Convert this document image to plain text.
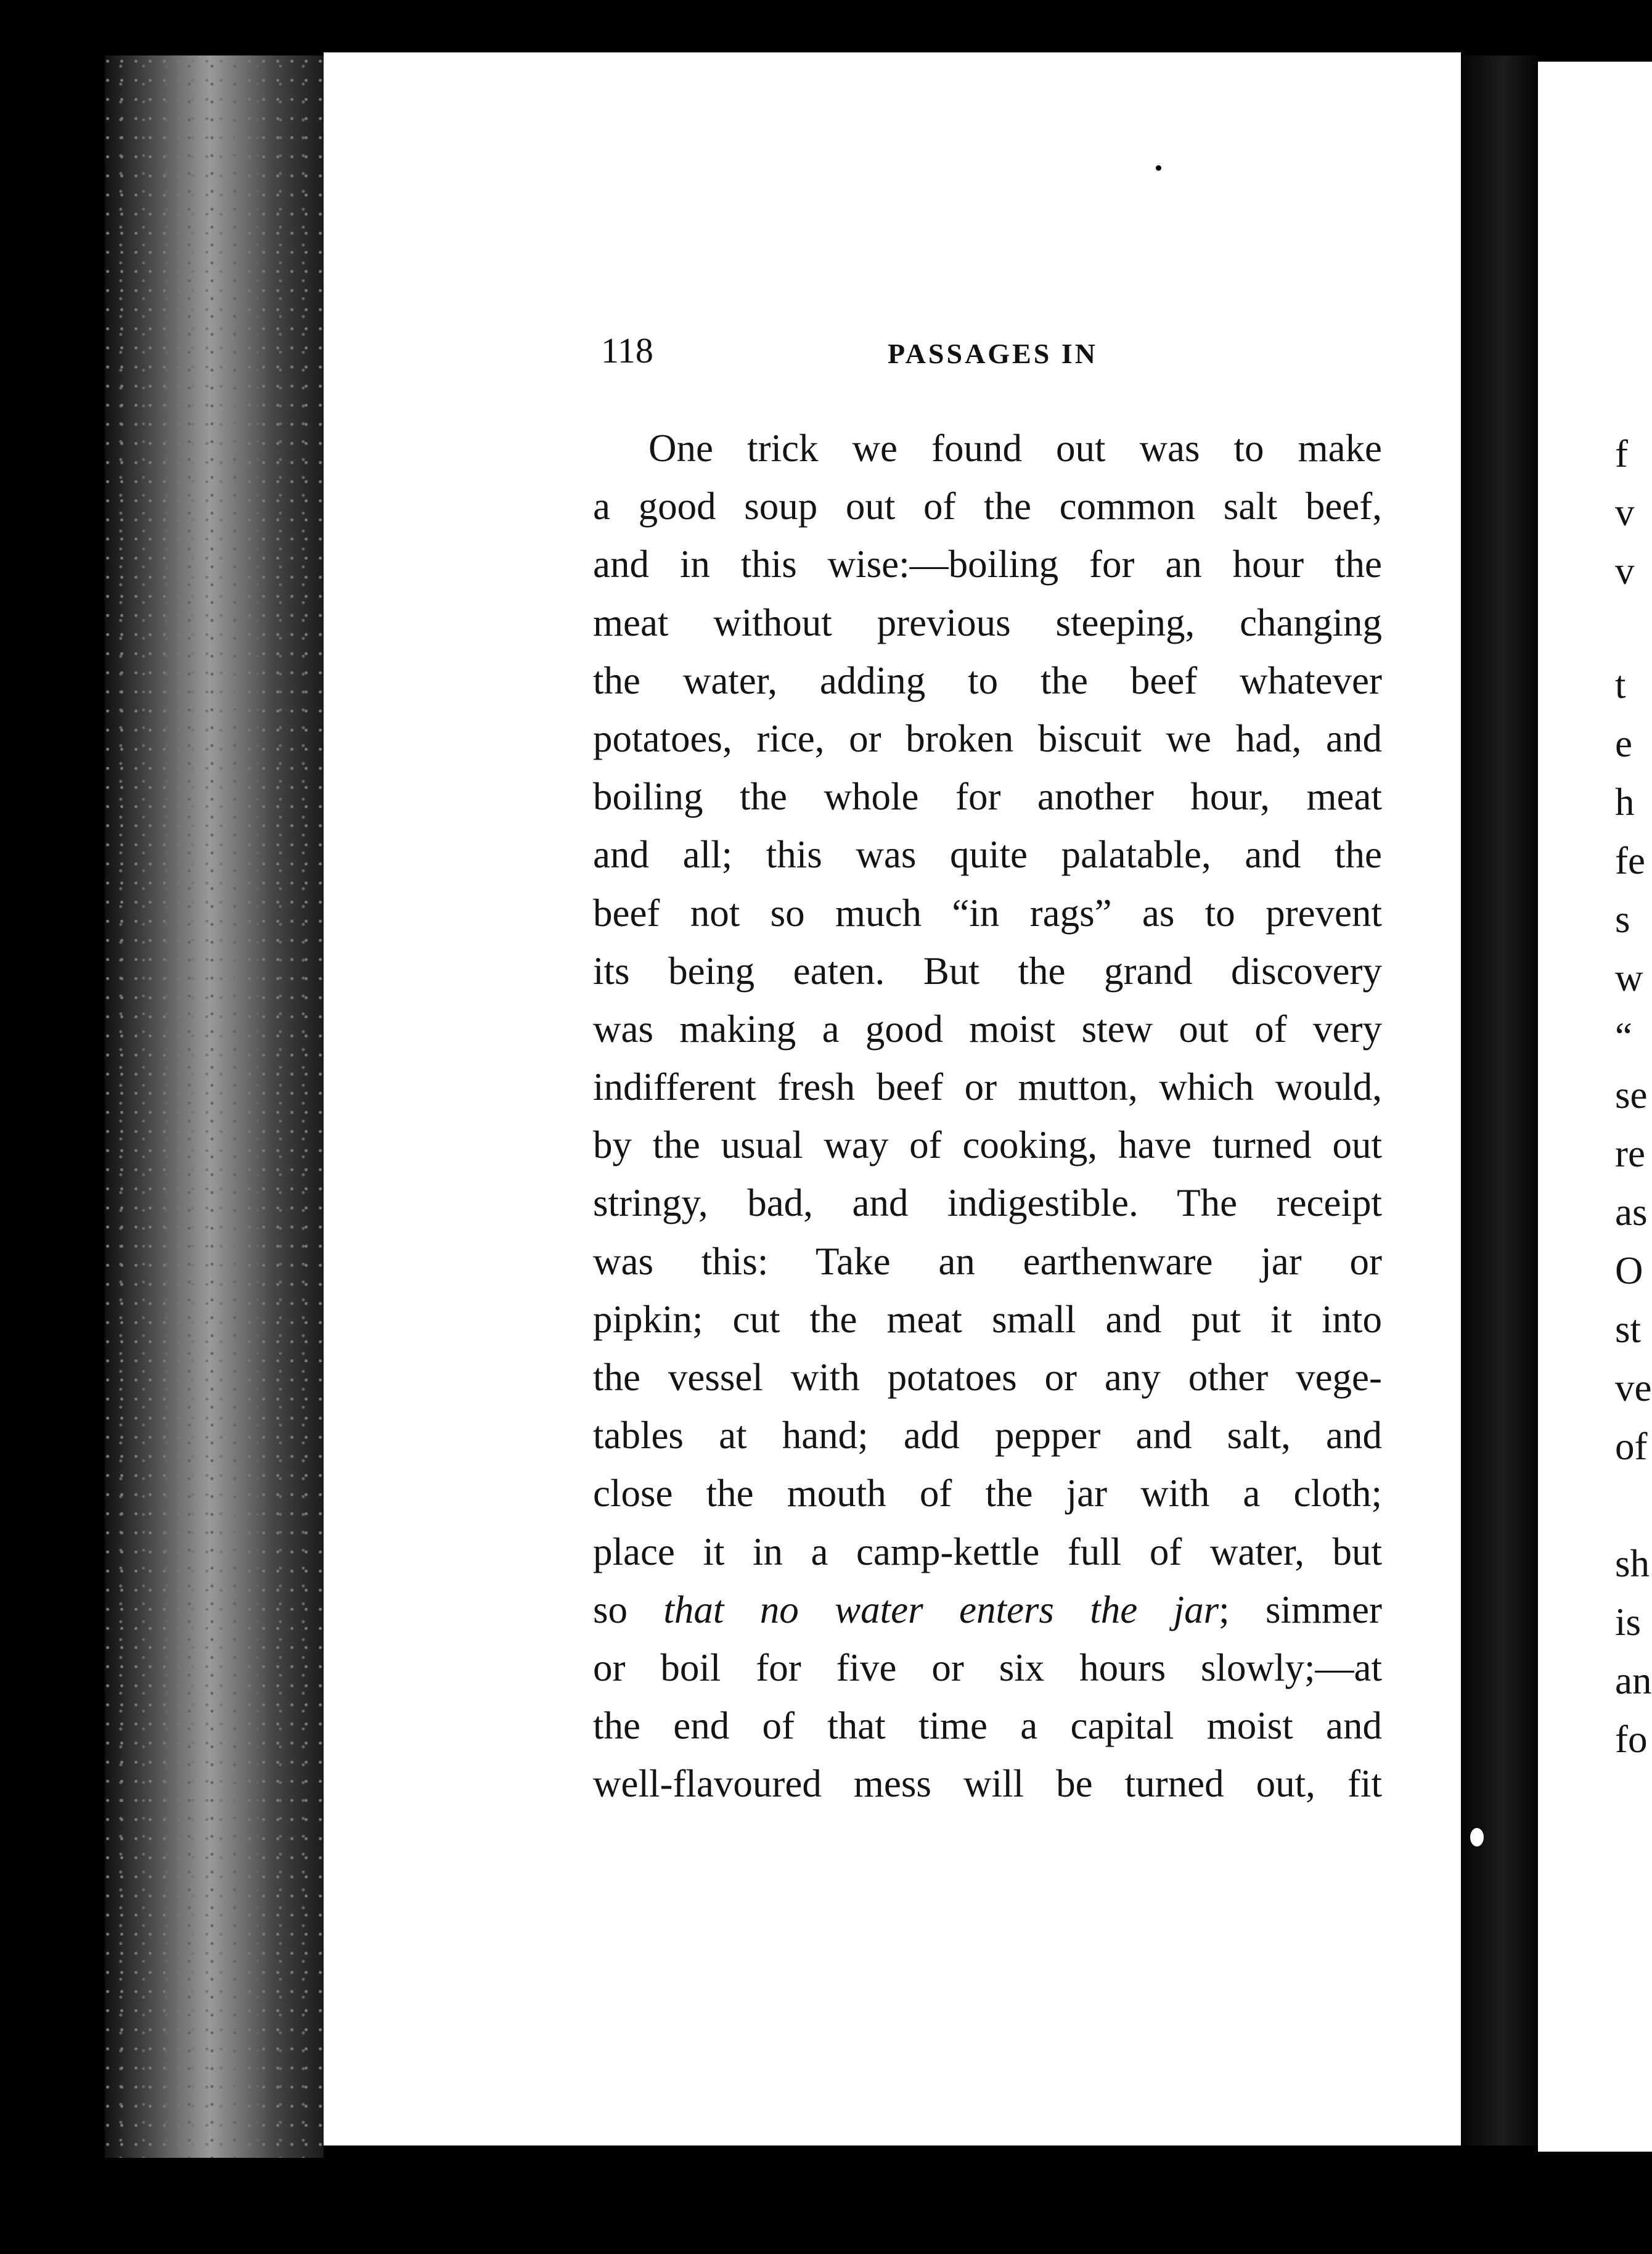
118	PASSAGES IN
One trick we found out was to make
a good soup out of the common salt beef,
and in this wise:—boiling for an hour the
meat without previous steeping, changing
the water, adding to the beef whatever
potatoes, rice, or broken biscuit we had, and
boiling the whole for another hour, meat
and all; this was quite palatable, and the
beef not so much “in rags” as to prevent
its being eaten. But the grand discovery
was making a good moist stew out of very
indifferent fresh beef or mutton, which would,
by the usual way of cooking, have turned out
stringy, bad, and indigestible. The receipt
was this: Take an earthenware jar or
pipkin; cut the meat small and put it into
the vessel with potatoes or any other vege-
tables at hand; add pepper and salt, and
close the mouth of the jar with a cloth;
place it in a camp-kettle full of water, but
so that no water enters the jar; simmer
or boil for five or six hours slowly;—at
the end of that time a capital moist and
well-flavoured mess will be turned out, fit
f
v
v
t
e
h
fe
s
w
“
se
re
as
O
st
ve
of
sh
is
an
fo
